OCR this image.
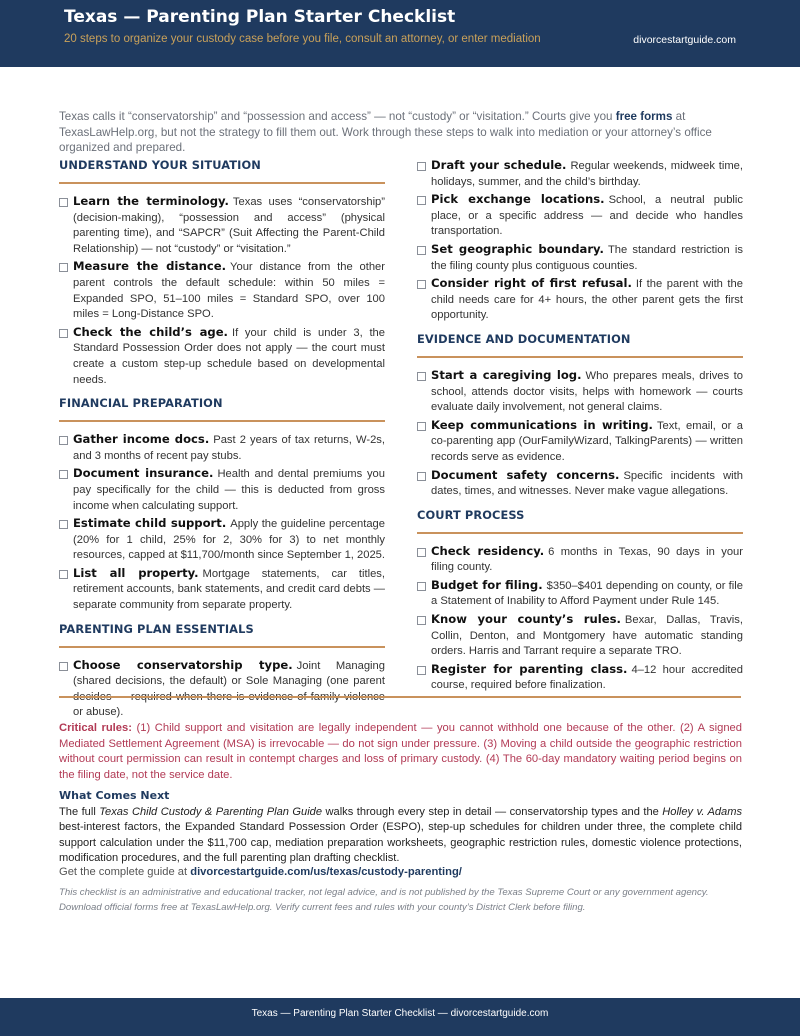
Texas — Parenting Plan Starter Checklist
20 steps to organize your custody case before you file, consult an attorney, or enter mediation	divorcestartguide.com
Texas calls it “conservatorship” and “possession and access” — not “custody” or “visitation.” Courts give you free forms at TexasLawHelp.org, but not the strategy to fill them out. Work through these steps to walk into mediation or your attorney’s office organized and prepared.
UNDERSTAND YOUR SITUATION
Learn the terminology. Texas uses “conservatorship” (decision-making), “possession and access” (physical parenting time), and “SAPCR” (Suit Affecting the Parent-Child Relationship) — not “custody” or “visitation.”
Measure the distance. Your distance from the other parent controls the default schedule: within 50 miles = Expanded SPO, 51–100 miles = Standard SPO, over 100 miles = Long-Distance SPO.
Check the child’s age. If your child is under 3, the Standard Possession Order does not apply — the court must create a custom step-up schedule based on developmental needs.
FINANCIAL PREPARATION
Gather income docs. Past 2 years of tax returns, W-2s, and 3 months of recent pay stubs.
Document insurance. Health and dental premiums you pay specifically for the child — this is deducted from gross income when calculating support.
Estimate child support. Apply the guideline percentage (20% for 1 child, 25% for 2, 30% for 3) to net monthly resources, capped at $11,700/month since September 1, 2025.
List all property. Mortgage statements, car titles, retirement accounts, bank statements, and credit card debts — separate community from separate property.
PARENTING PLAN ESSENTIALS
Choose conservatorship type. Joint Managing (shared decisions, the default) or Sole Managing (one parent decides — required when there is evidence of family violence or abuse).
Draft your schedule. Regular weekends, midweek time, holidays, summer, and the child’s birthday.
Pick exchange locations. School, a neutral public place, or a specific address — and decide who handles transportation.
Set geographic boundary. The standard restriction is the filing county plus contiguous counties.
Consider right of first refusal. If the parent with the child needs care for 4+ hours, the other parent gets the first opportunity.
EVIDENCE AND DOCUMENTATION
Start a caregiving log. Who prepares meals, drives to school, attends doctor visits, helps with homework — courts evaluate daily involvement, not general claims.
Keep communications in writing. Text, email, or a co-parenting app (OurFamilyWizard, TalkingParents) — written records serve as evidence.
Document safety concerns. Specific incidents with dates, times, and witnesses. Never make vague allegations.
COURT PROCESS
Check residency. 6 months in Texas, 90 days in your filing county.
Budget for filing. $350–$401 depending on county, or file a Statement of Inability to Afford Payment under Rule 145.
Know your county’s rules. Bexar, Dallas, Travis, Collin, Denton, and Montgomery have automatic standing orders. Harris and Tarrant require a separate TRO.
Register for parenting class. 4–12 hour accredited course, required before finalization.
Critical rules: (1) Child support and visitation are legally independent — you cannot withhold one because of the other. (2) A signed Mediated Settlement Agreement (MSA) is irrevocable — do not sign under pressure. (3) Moving a child outside the geographic restriction without court permission can result in contempt charges and loss of primary custody. (4) The 60-day mandatory waiting period begins on the filing date, not the service date.
What Comes Next
The full Texas Child Custody & Parenting Plan Guide walks through every step in detail — conservatorship types and the Holley v. Adams best-interest factors, the Expanded Standard Possession Order (ESPO), step-up schedules for children under three, the complete child support calculation under the $11,700 cap, mediation preparation worksheets, geographic restriction rules, domestic violence protections, modification procedures, and the full parenting plan drafting checklist.
Get the complete guide at divorcestartguide.com/us/texas/custody-parenting/
This checklist is an administrative and educational tracker, not legal advice, and is not published by the Texas Supreme Court or any government agency. Download official forms free at TexasLawHelp.org. Verify current fees and rules with your county’s District Clerk before filing.
Texas — Parenting Plan Starter Checklist — divorcestartguide.com
